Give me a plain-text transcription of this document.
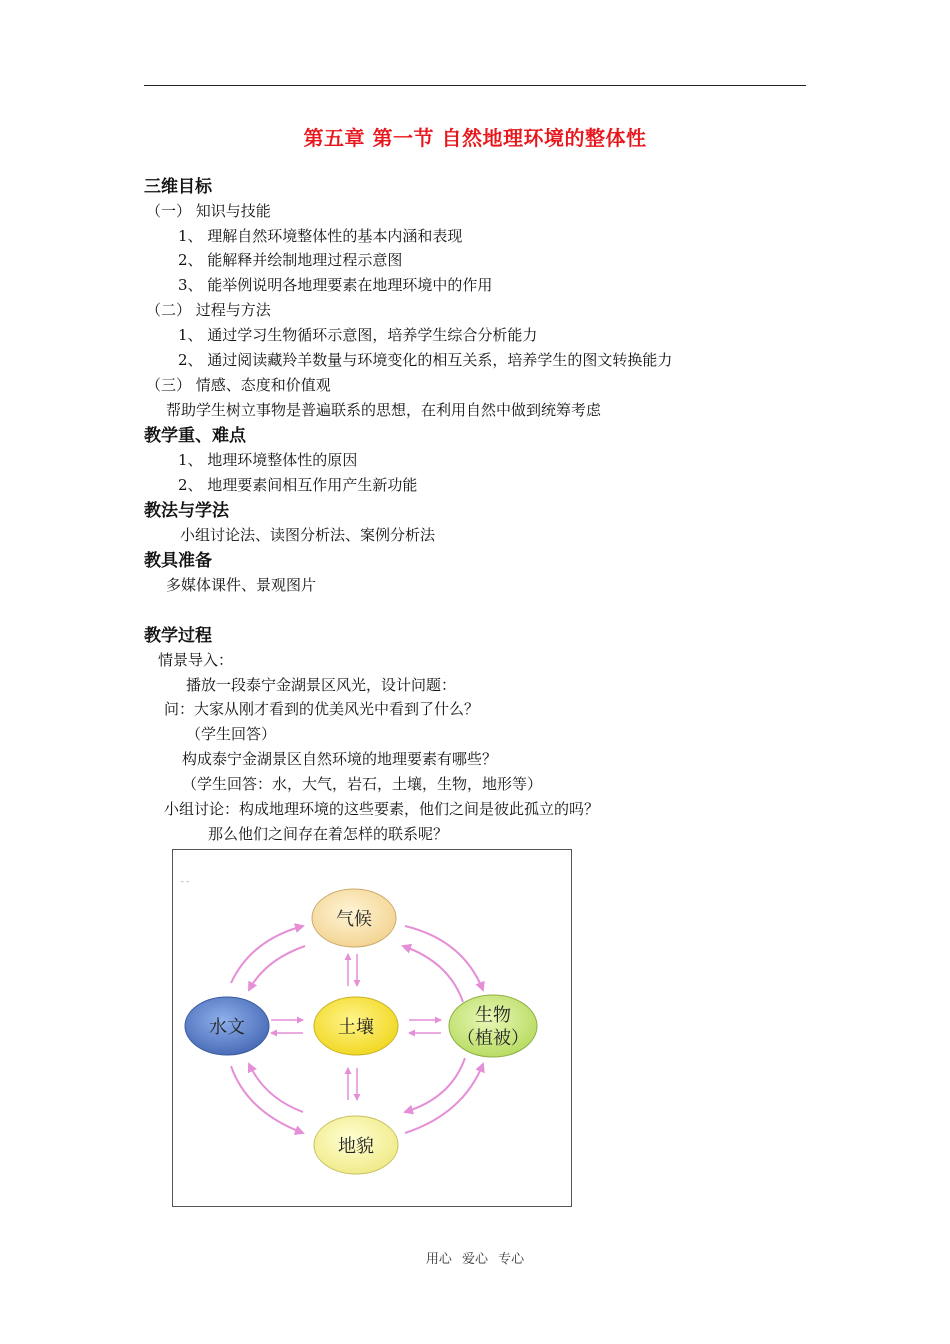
第五章 第一节 自然地理环境的整体性
三维目标
（一） 知识与技能
1、 理解自然环境整体性的基本内涵和表现
2、 能解释并绘制地理过程示意图
3、 能举例说明各地理要素在地理环境中的作用
（二） 过程与方法
1、 通过学习生物循环示意图，培养学生综合分析能力
2、 通过阅读藏羚羊数量与环境变化的相互关系，培养学生的图文转换能力
（三） 情感、态度和价值观
帮助学生树立事物是普遍联系的思想，在利用自然中做到统筹考虑
教学重、难点
1、 地理环境整体性的原因
2、 地理要素间相互作用产生新功能
教法与学法
小组讨论法、读图分析法、案例分析法
教具准备
多媒体课件、景观图片
教学过程
情景导入：
播放一段泰宁金湖景区风光，设计问题：
问：大家从刚才看到的优美风光中看到了什么？
（学生回答）
构成泰宁金湖景区自然环境的地理要素有哪些？
（学生回答：水，大气，岩石，土壤，生物，地形等）
小组讨论：构成地理环境的这些要素，他们之间是彼此孤立的吗？
那么他们之间存在着怎样的联系呢？
- -
气候
水文	土壤
生物
（植被）
地貌
用心 爱心 专心
